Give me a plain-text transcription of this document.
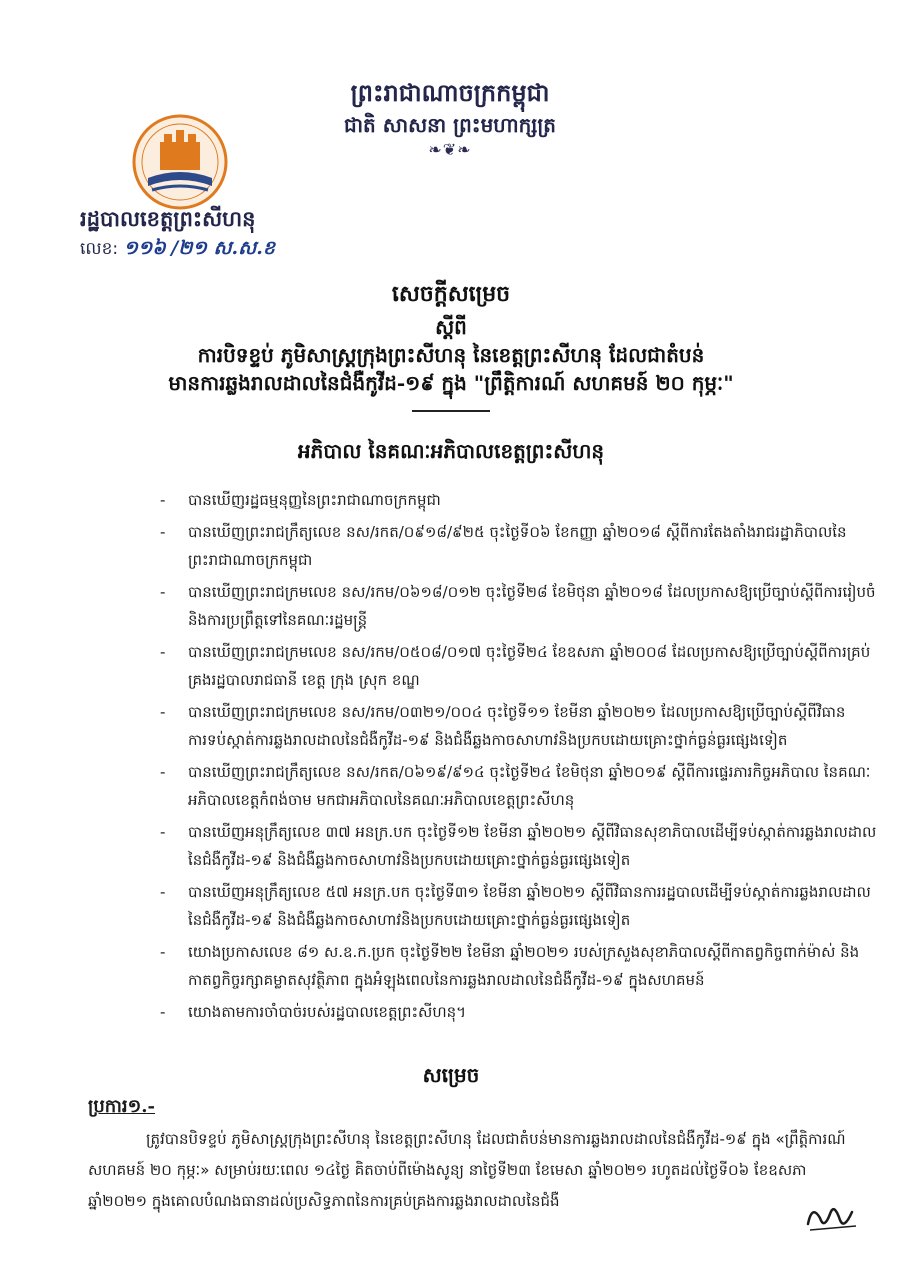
ព្រះរាជាណាចក្រកម្ពុជា
ជាតិ សាសនា ព្រះមហាក្សត្រ
❧❦❧
រដ្ឋបាលខេត្តព្រះសីហនុ
លេខ: ១១៦ /២១ ស.ស.ខ
សេចក្ដីសម្រេច
ស្ដីពី
ការបិទខ្ទប់ ភូមិសាស្ត្រក្រុងព្រះសីហនុ នៃខេត្តព្រះសីហនុ ដែលជាតំបន់
មានការឆ្លងរាលដាលនៃជំងឺកូវីដ-១៩ ក្នុង "ព្រឹត្តិការណ៍ សហគមន៍ ២០ កុម្ភៈ"
អភិបាល នៃគណៈអភិបាលខេត្តព្រះសីហនុ
- បានឃើញរដ្ឋធម្មនុញ្ញនៃព្រះរាជាណាចក្រកម្ពុជា
- បានឃើញព្រះរាជក្រឹត្យលេខ នស/រកត/០៩១៨/៩២៥ ចុះថ្ងៃទី០៦ ខែកញ្ញា ឆ្នាំ២០១៨ ស្ដីពីការតែងតាំងរាជរដ្ឋាភិបាលនៃព្រះរាជាណាចក្រកម្ពុជា
- បានឃើញព្រះរាជក្រមលេខ នស/រកម/០៦១៨/០១២ ចុះថ្ងៃទី២៨ ខែមិថុនា ឆ្នាំ២០១៨ ដែលប្រកាសឱ្យប្រើច្បាប់ស្ដីពីការរៀបចំ និងការប្រព្រឹត្តទៅនៃគណៈរដ្ឋមន្ត្រី
- បានឃើញព្រះរាជក្រមលេខ នស/រកម/០៥០៨/០១៧ ចុះថ្ងៃទី២៤ ខែឧសភា ឆ្នាំ២០០៨ ដែលប្រកាសឱ្យប្រើច្បាប់ស្ដីពីការគ្រប់គ្រងរដ្ឋបាលរាជធានី ខេត្ត ក្រុង ស្រុក ខណ្ឌ
- បានឃើញព្រះរាជក្រមលេខ នស/រកម/០៣២១/០០៤ ចុះថ្ងៃទី១១ ខែមីនា ឆ្នាំ២០២១ ដែលប្រកាសឱ្យប្រើច្បាប់ស្ដីពីវិធានការទប់ស្កាត់ការឆ្លងរាលដាលនៃជំងឺកូវីដ-១៩ និងជំងឺឆ្លងកាចសាហាវនិងប្រកបដោយគ្រោះថ្នាក់ធ្ងន់ធ្ងរផ្សេងទៀត
- បានឃើញព្រះរាជក្រឹត្យលេខ នស/រកត/០៦១៩/៩១៤ ចុះថ្ងៃទី២៤ ខែមិថុនា ឆ្នាំ២០១៩ ស្ដីពីការផ្ទេរភារកិច្ចអភិបាល នៃគណៈអភិបាលខេត្តកំពង់ចាម មកជាអភិបាលនៃគណៈអភិបាលខេត្តព្រះសីហនុ
- បានឃើញអនុក្រឹត្យលេខ ៣៧ អនក្រ.បក ចុះថ្ងៃទី១២ ខែមីនា ឆ្នាំ២០២១ ស្ដីពីវិធានសុខាភិបាលដើម្បីទប់ស្កាត់ការឆ្លងរាលដាលនៃជំងឺកូវីដ-១៩ និងជំងឺឆ្លងកាចសាហាវនិងប្រកបដោយគ្រោះថ្នាក់ធ្ងន់ធ្ងរផ្សេងទៀត
- បានឃើញអនុក្រឹត្យលេខ ៥៧ អនក្រ.បក ចុះថ្ងៃទី៣១ ខែមីនា ឆ្នាំ២០២១ ស្ដីពីវិធានការរដ្ឋបាលដើម្បីទប់ស្កាត់ការឆ្លងរាលដាលនៃជំងឺកូវីដ-១៩ និងជំងឺឆ្លងកាចសាហាវនិងប្រកបដោយគ្រោះថ្នាក់ធ្ងន់ធ្ងរផ្សេងទៀត
- យោងប្រកាសលេខ ៨១ ស.ឧ.ក.ប្រក ចុះថ្ងៃទី២២ ខែមីនា ឆ្នាំ២០២១ របស់ក្រសួងសុខាភិបាលស្ដីពីកាតព្វកិច្ចពាក់ម៉ាស់ និងកាតព្វកិច្ចរក្សាគម្លាតសុវត្ថិភាព ក្នុងអំឡុងពេលនៃការឆ្លងរាលដាលនៃជំងឺកូវីដ-១៩ ក្នុងសហគមន៍
- យោងតាមការចាំបាច់របស់រដ្ឋបាលខេត្តព្រះសីហនុ។
សម្រេច
ប្រការ១.-
ត្រូវបានបិទខ្ទប់ ភូមិសាស្ត្រក្រុងព្រះសីហនុ នៃខេត្តព្រះសីហនុ ដែលជាតំបន់មានការឆ្លងរាលដាលនៃជំងឺកូវីដ-១៩ ក្នុង «ព្រឹត្តិការណ៍សហគមន៍ ២០ កុម្ភៈ» សម្រាប់រយៈពេល ១៤ថ្ងៃ គិតចាប់ពីម៉ោងសូន្យ នាថ្ងៃទី២៣ ខែមេសា ឆ្នាំ២០២១ រហូតដល់ថ្ងៃទី០៦ ខែឧសភា ឆ្នាំ២០២១ ក្នុងគោលបំណងធានាដល់ប្រសិទ្ធភាពនៃការគ្រប់គ្រងការឆ្លងរាលដាលនៃជំងឺ
